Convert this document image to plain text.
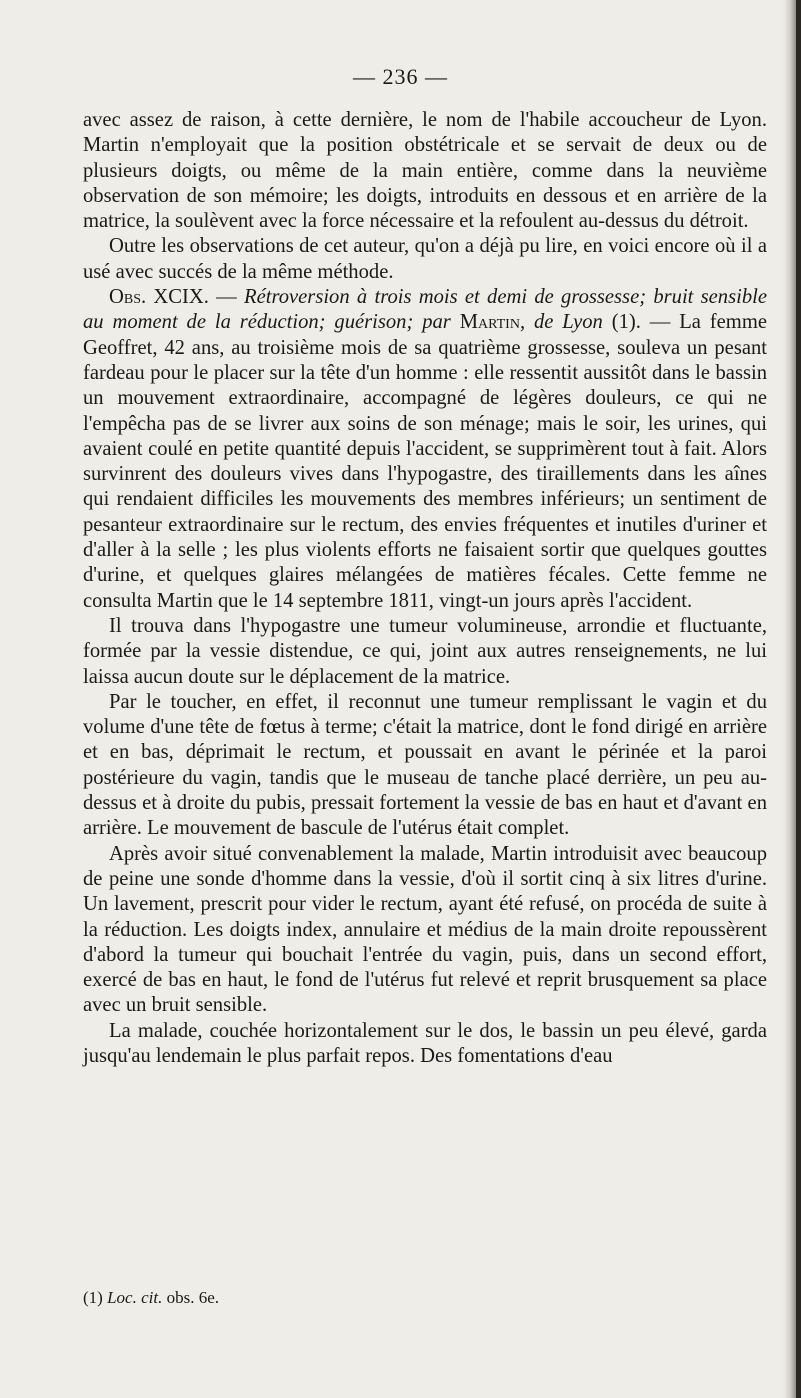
— 236 —

avec assez de raison, à cette dernière, le nom de l'habile accoucheur de Lyon. Martin n'employait que la position obstétricale et se servait de deux ou de plusieurs doigts, ou même de la main entière, comme dans la neuvième observation de son mémoire; les doigts, introduits en dessous et en arrière de la matrice, la soulèvent avec la force nécessaire et la refoulent au-dessus du détroit.

Outre les observations de cet auteur, qu'on a déjà pu lire, en voici encore où il a usé avec succés de la même méthode.

Obs. XCIX. — Rétroversion à trois mois et demi de grossesse; bruit sensible au moment de la réduction; guérison; par Martin, de Lyon (1). — La femme Geoffret, 42 ans, au troisième mois de sa quatrième grossesse, souleva un pesant fardeau pour le placer sur la tête d'un homme : elle ressentit aussitôt dans le bassin un mouvement extraordinaire, accompagné de légères douleurs, ce qui ne l'empêcha pas de se livrer aux soins de son ménage; mais le soir, les urines, qui avaient coulé en petite quantité depuis l'accident, se supprimèrent tout à fait. Alors survinrent des douleurs vives dans l'hypogastre, des tiraillements dans les aînes qui rendaient difficiles les mouvements des membres inférieurs; un sentiment de pesanteur extraordinaire sur le rectum, des envies fréquentes et inutiles d'uriner et d'aller à la selle ; les plus violents efforts ne faisaient sortir que quelques gouttes d'urine, et quelques glaires mélangées de matières fécales. Cette femme ne consulta Martin que le 14 septembre 1811, vingt-un jours après l'accident.

Il trouva dans l'hypogastre une tumeur volumineuse, arrondie et fluctuante, formée par la vessie distendue, ce qui, joint aux autres renseignements, ne lui laissa aucun doute sur le déplacement de la matrice.

Par le toucher, en effet, il reconnut une tumeur remplissant le vagin et du volume d'une tête de fœtus à terme; c'était la matrice, dont le fond dirigé en arrière et en bas, déprimait le rectum, et poussait en avant le périnée et la paroi postérieure du vagin, tandis que le museau de tanche placé derrière, un peu au-dessus et à droite du pubis, pressait fortement la vessie de bas en haut et d'avant en arrière. Le mouvement de bascule de l'utérus était complet.

Après avoir situé convenablement la malade, Martin introduisit avec beaucoup de peine une sonde d'homme dans la vessie, d'où il sortit cinq à six litres d'urine. Un lavement, prescrit pour vider le rectum, ayant été refusé, on procéda de suite à la réduction. Les doigts index, annulaire et médius de la main droite repoussèrent d'abord la tumeur qui bouchait l'entrée du vagin, puis, dans un second effort, exercé de bas en haut, le fond de l'utérus fut relevé et reprit brusquement sa place avec un bruit sensible.

La malade, couchée horizontalement sur le dos, le bassin un peu élevé, garda jusqu'au lendemain le plus parfait repos. Des fomentations d'eau

(1) Loc. cit. obs. 6e.
